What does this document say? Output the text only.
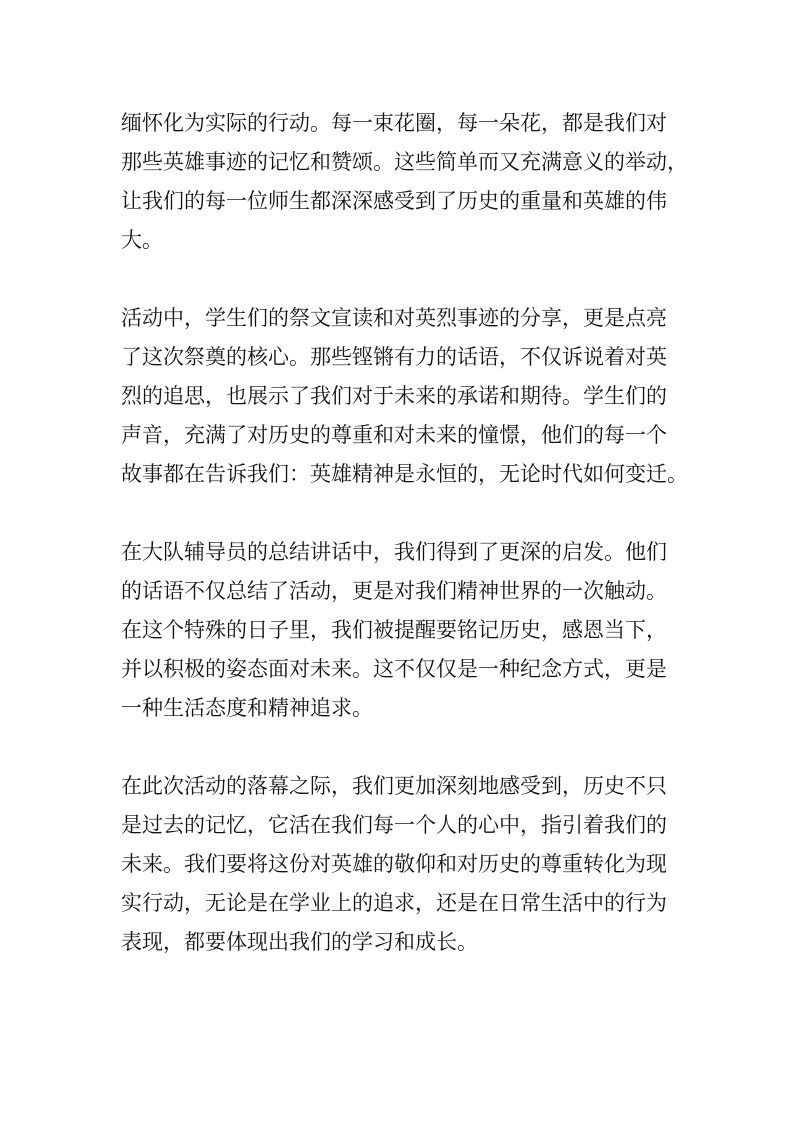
缅怀化为实际的行动。每一束花圈，每一朵花，都是我们对
那些英雄事迹的记忆和赞颂。这些简单而又充满意义的举动，
让我们的每一位师生都深深感受到了历史的重量和英雄的伟
大。

活动中，学生们的祭文宣读和对英烈事迹的分享，更是点亮
了这次祭奠的核心。那些铿锵有力的话语，不仅诉说着对英
烈的追思，也展示了我们对于未来的承诺和期待。学生们的
声音，充满了对历史的尊重和对未来的憧憬，他们的每一个
故事都在告诉我们：英雄精神是永恒的，无论时代如何变迁。

在大队辅导员的总结讲话中，我们得到了更深的启发。他们
的话语不仅总结了活动，更是对我们精神世界的一次触动。
在这个特殊的日子里，我们被提醒要铭记历史，感恩当下，
并以积极的姿态面对未来。这不仅仅是一种纪念方式，更是
一种生活态度和精神追求。

在此次活动的落幕之际，我们更加深刻地感受到，历史不只
是过去的记忆，它活在我们每一个人的心中，指引着我们的
未来。我们要将这份对英雄的敬仰和对历史的尊重转化为现
实行动，无论是在学业上的追求，还是在日常生活中的行为
表现，都要体现出我们的学习和成长。
